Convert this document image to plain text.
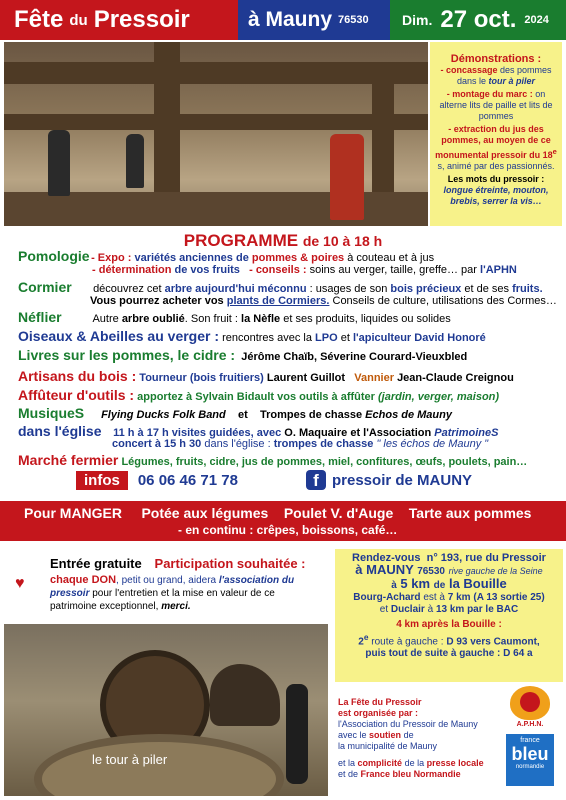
Fête du Pressoir	à Mauny 76530 Dim. 27 oct. 2024
Démonstrations :
- concassage des pommes dans le tour à piler
- montage du marc : on alterne lits de paille et lits de pommes
- extraction du jus des pommes, au moyen de ce monumental pressoir du 18e s, animé par des passionnés.
Les mots du pressoir :
longue étreinte, mouton, brebis, serrer la vis…
PROGRAMME de 10 à 18 h
Pomologie - Expo : variétés anciennes de pommes & poires à couteau et à jus
- détermination de vos fruits - conseils : soins au verger, taille, greffe… par l'APHN
Cormier découvrez cet arbre aujourd'hui méconnu : usages de son bois précieux et de ses fruits.
Vous pourrez acheter vos plants de Cormiers. Conseils de culture, utilisations des Cormes…
Néflier	Autre arbre oublié. Son fruit : la Nèfle et ses produits, liquides ou solides
Oiseaux & Abeilles au verger : rencontres avec la LPO et l'apiculteur David Honoré
Livres sur les pommes, le cidre : Jérôme Chaïb, Séverine Courard-Vieuxbled
Artisans du bois : Tourneur (bois fruitiers) Laurent Guillot Vannier Jean-Claude Creignou
Affûteur d'outils : apportez à Sylvain Bidault vos outils à affûter (jardin, verger, maison)
MusiqueS Flying Ducks Folk Band et Trompes de chasse Echos de Mauny
dans l'église 11 h à 17 h visites guidées, avec O. Maquaire et l'Association PatrimoineS
concert à 15 h 30 dans l'église : trompes de chasse " les échos de Mauny "
Marché fermier Légumes, fruits, cidre, jus de pommes, miel, confitures, œufs, poulets, pain…
infos	06 06 46 71 78	f pressoir de MAUNY
Pour MANGER Potée aux légumes Poulet V. d'Auge Tarte aux pommes
- en continu : crêpes, boissons, café…
♥
Entrée gratuite Participation souhaitée :
chaque DON, petit ou grand, aidera l'association du pressoir pour l'entretien et la mise en valeur de ce patrimoine exceptionnel, merci.
le tour à piler
Rendez-vous n° 193, rue du Pressoir
à MAUNY 76530 rive gauche de la Seine
à 5 km de la Bouille
Bourg-Achard est à 7 km (A 13 sortie 25)
et Duclair à 13 km par le BAC
4 km après la Bouille :
2e route à gauche : D 93 vers Caumont,
puis tout de suite à gauche : D 64 a
La Fête du Pressoir
est organisée par :
l'Association du Pressoir de Mauny
avec le soutien de
la municipalité de Mauny
et la complicité de la presse locale
et de France bleu Normandie
A.P.H.N.
france
bleu
normandie
